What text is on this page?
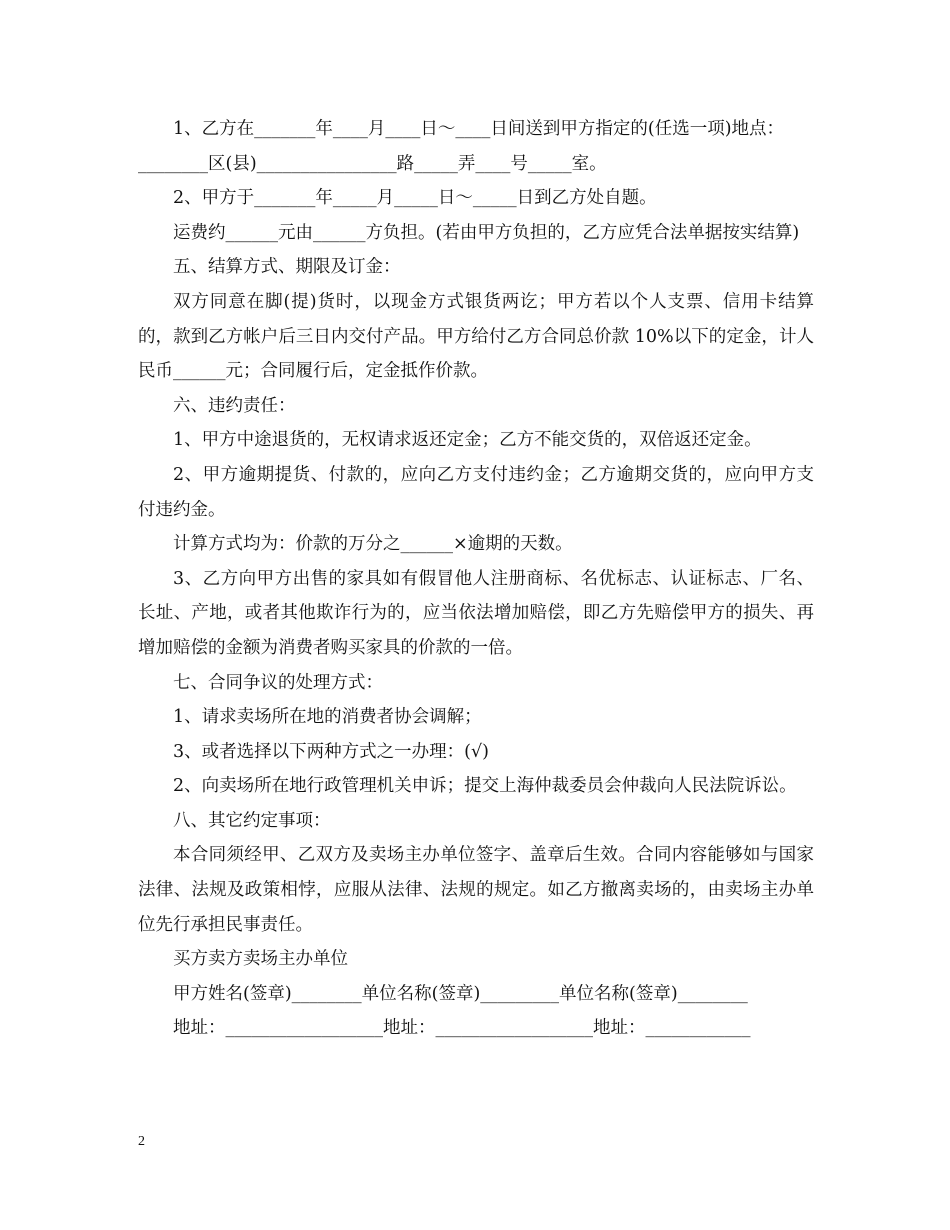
1、乙方在_______年____月____日～____日间送到甲方指定的(任选一项)地点：

________区(县)________________路_____弄____号_____室。

2、甲方于_______年_____月_____日～_____日到乙方处自题。

运费约______元由______方负担。(若由甲方负担的，乙方应凭合法单据按实结算)

五、结算方式、期限及订金：

双方同意在脚(提)货时，以现金方式银货两讫；甲方若以个人支票、信用卡结算的，款到乙方帐户后三日内交付产品。甲方给付乙方合同总价款 10%以下的定金，计人民币______元；合同履行后，定金抵作价款。

六、违约责任：

1、甲方中途退货的，无权请求返还定金；乙方不能交货的，双倍返还定金。

2、甲方逾期提货、付款的，应向乙方支付违约金；乙方逾期交货的，应向甲方支付违约金。

计算方式均为：价款的万分之______×逾期的天数。

3、乙方向甲方出售的家具如有假冒他人注册商标、名优标志、认证标志、厂名、长址、产地，或者其他欺诈行为的，应当依法增加赔偿，即乙方先赔偿甲方的损失、再增加赔偿的金额为消费者购买家具的价款的一倍。

七、合同争议的处理方式：

1、请求卖场所在地的消费者协会调解；

3、或者选择以下两种方式之一办理：(√)

2、向卖场所在地行政管理机关申诉；提交上海仲裁委员会仲裁向人民法院诉讼。

八、其它约定事项：

本合同须经甲、乙双方及卖场主办单位签字、盖章后生效。合同内容能够如与国家法律、法规及政策相悖，应服从法律、法规的规定。如乙方撤离卖场的，由卖场主办单位先行承担民事责任。

买方卖方卖场主办单位

甲方姓名(签章)________单位名称(签章)_________单位名称(签章)________

地址：__________________地址：__________________地址：____________

2
